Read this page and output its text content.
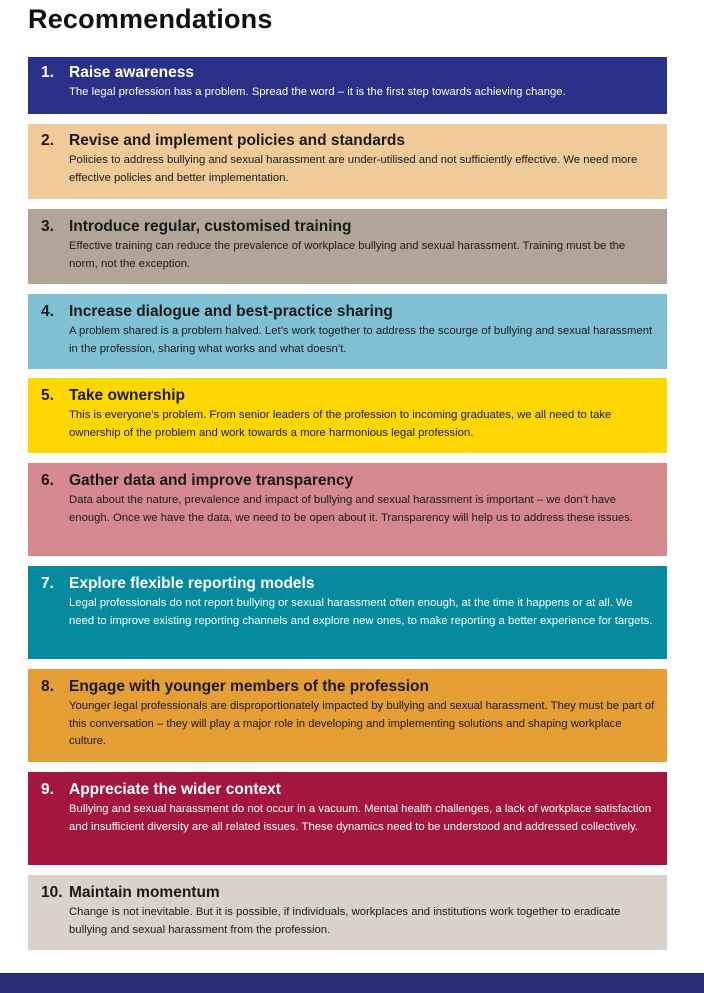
Recommendations
1. Raise awareness
The legal profession has a problem. Spread the word – it is the first step towards achieving change.
2. Revise and implement policies and standards
Policies to address bullying and sexual harassment are under-utilised and not sufficiently effective. We need more effective policies and better implementation.
3. Introduce regular, customised training
Effective training can reduce the prevalence of workplace bullying and sexual harassment. Training must be the norm, not the exception.
4. Increase dialogue and best-practice sharing
A problem shared is a problem halved. Let’s work together to address the scourge of bullying and sexual harassment in the profession, sharing what works and what doesn’t.
5. Take ownership
This is everyone’s problem. From senior leaders of the profession to incoming graduates, we all need to take ownership of the problem and work towards a more harmonious legal profession.
6. Gather data and improve transparency
Data about the nature, prevalence and impact of bullying and sexual harassment is important – we don’t have enough. Once we have the data, we need to be open about it. Transparency will help us to address these issues.
7. Explore flexible reporting models
Legal professionals do not report bullying or sexual harassment often enough, at the time it happens or at all. We need to improve existing reporting channels and explore new ones, to make reporting a better experience for targets.
8. Engage with younger members of the profession
Younger legal professionals are disproportionately impacted by bullying and sexual harassment. They must be part of this conversation – they will play a major role in developing and implementing solutions and shaping workplace culture.
9. Appreciate the wider context
Bullying and sexual harassment do not occur in a vacuum. Mental health challenges, a lack of workplace satisfaction and insufficient diversity are all related issues. These dynamics need to be understood and addressed collectively.
10. Maintain momentum
Change is not inevitable. But it is possible, if individuals, workplaces and institutions work together to eradicate bullying and sexual harassment from the profession.
